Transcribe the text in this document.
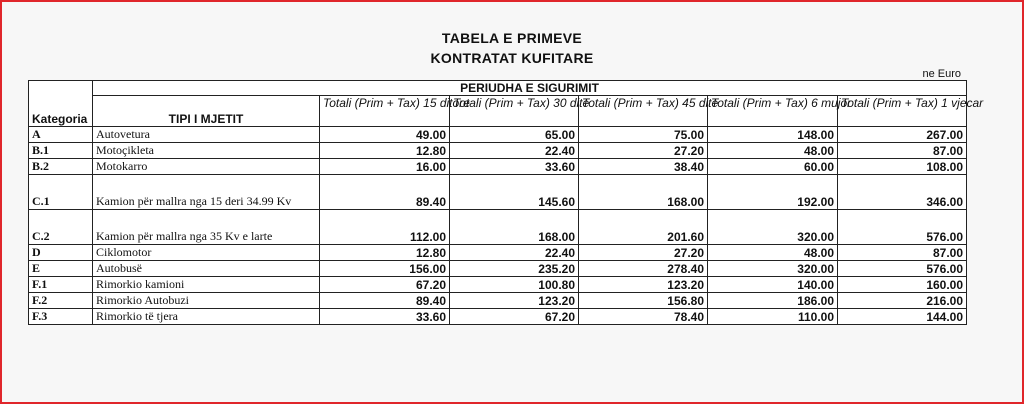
TABELA E PRIMEVE
KONTRATAT KUFITARE
ne Euro
	PERIUDHA E SIGURIMIT					
Kategoria	TIPI I MJETIT	Totali (Prim + Tax) 15 ditore	Totali (Prim + Tax) 30 dite	Totali (Prim + Tax) 45 dite	Totali (Prim + Tax) 6 mujor	Totali (Prim + Tax) 1 vjecar
A	Autovetura	49.00	65.00	75.00	148.00	267.00
B.1	Motoçikleta	12.80	22.40	27.20	48.00	87.00
B.2	Motokarro	16.00	33.60	38.40	60.00	108.00
C.1	Kamion për mallra nga 15 deri 34.99 Kv	89.40	145.60	168.00	192.00	346.00
C.2	Kamion për mallra nga 35 Kv e larte	112.00	168.00	201.60	320.00	576.00
D	Ciklomotor	12.80	22.40	27.20	48.00	87.00
E	Autobusë	156.00	235.20	278.40	320.00	576.00
F.1	Rimorkio kamioni	67.20	100.80	123.20	140.00	160.00
F.2	Rimorkio Autobuzi	89.40	123.20	156.80	186.00	216.00
F.3	Rimorkio të tjera	33.60	67.20	78.40	110.00	144.00
